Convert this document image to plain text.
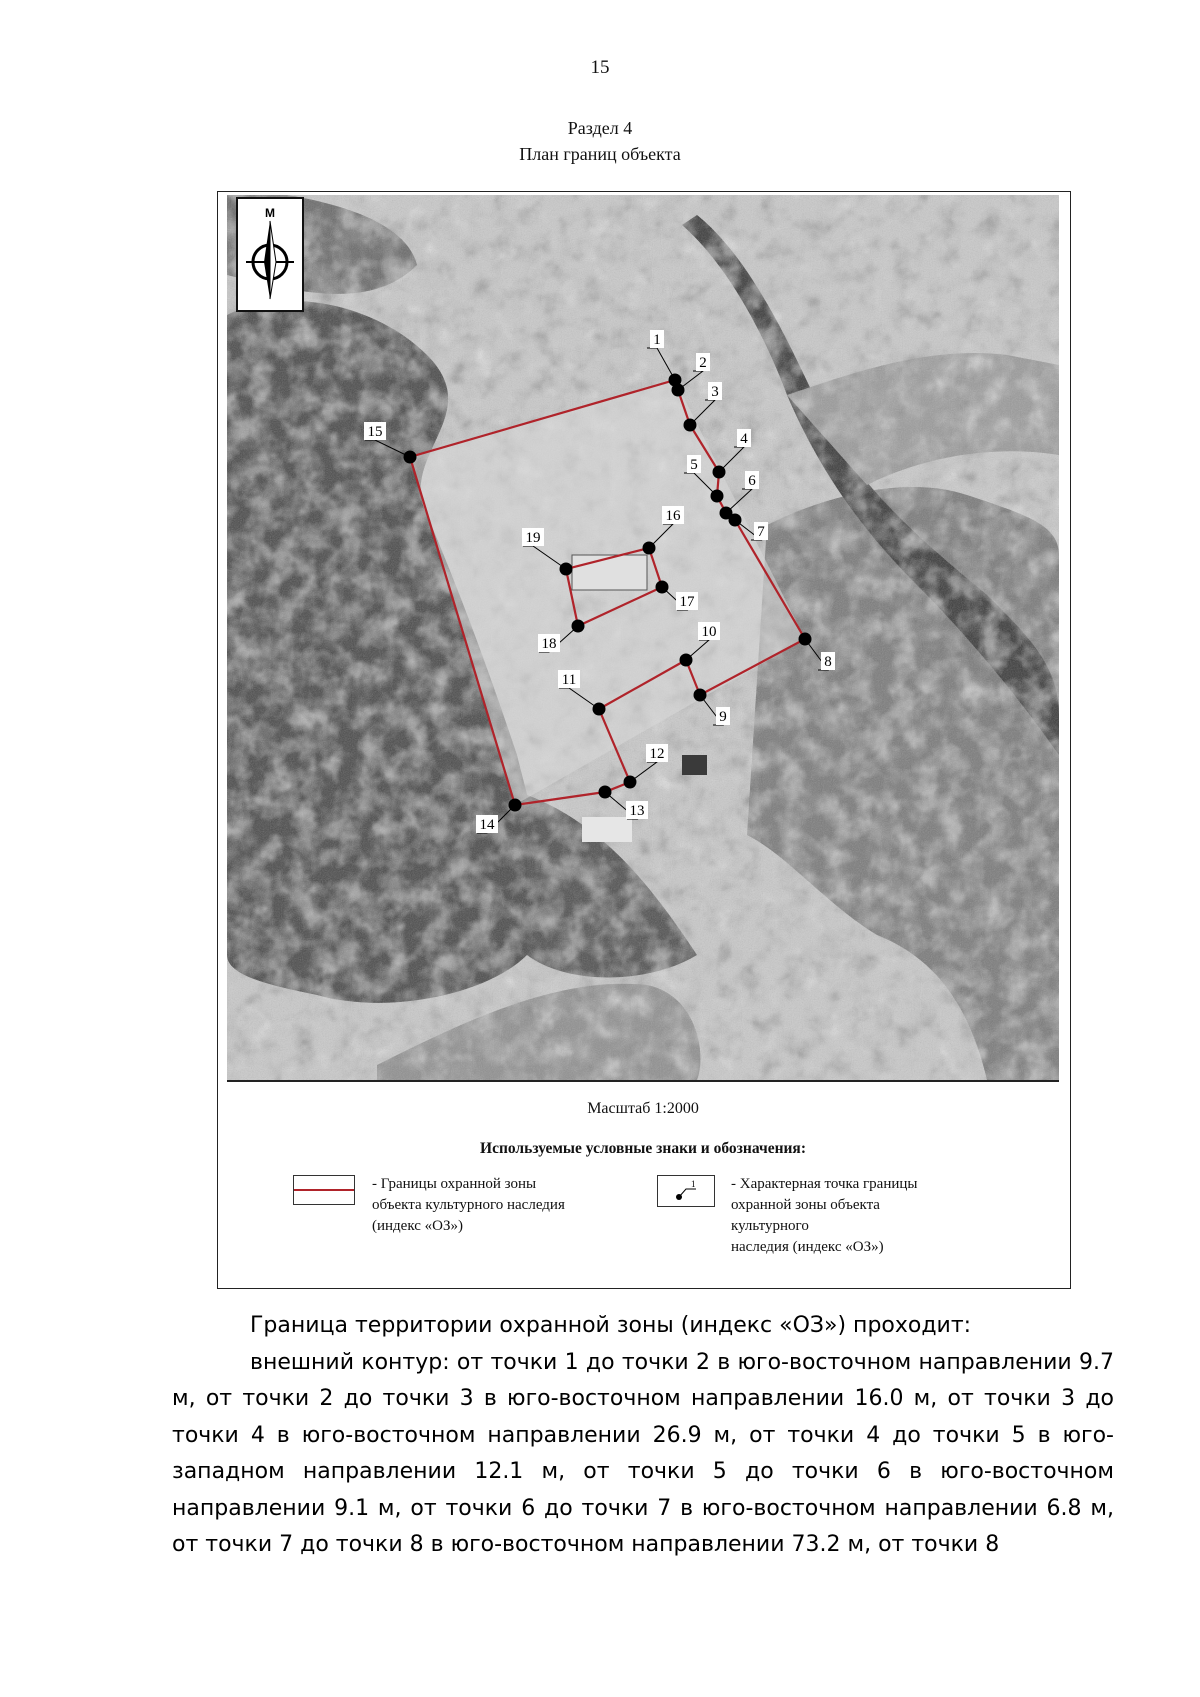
15
Раздел 4
План границ объекта
1
2
3
4
5
6
7
8
9
10
11
12
13
14
15
16
17
18
19
М
Масштаб 1:2000
Используемые условные знаки и обозначения:
- Границы охранной зоны
объекта культурного наследия
(индекс «ОЗ»)
1 - Характерная точка границы
охранной зоны объекта
культурного
наследия (индекс «ОЗ»)

Граница территории охранной зоны (индекс «ОЗ») проходит:

внешний контур: от точки 1 до точки 2 в юго-восточном направлении 9.7 м, от точки 2 до точки 3 в юго-восточном направлении 16.0 м, от точки 3 до точки 4 в юго-восточном направлении 26.9 м, от точки 4 до точки 5 в юго-западном направлении 12.1 м, от точки 5 до точки 6 в юго-восточном направлении 9.1 м, от точки 6 до точки 7 в юго-восточном направлении 6.8 м, от точки 7 до точки 8 в юго-восточном направлении 73.2 м, от точки 8
